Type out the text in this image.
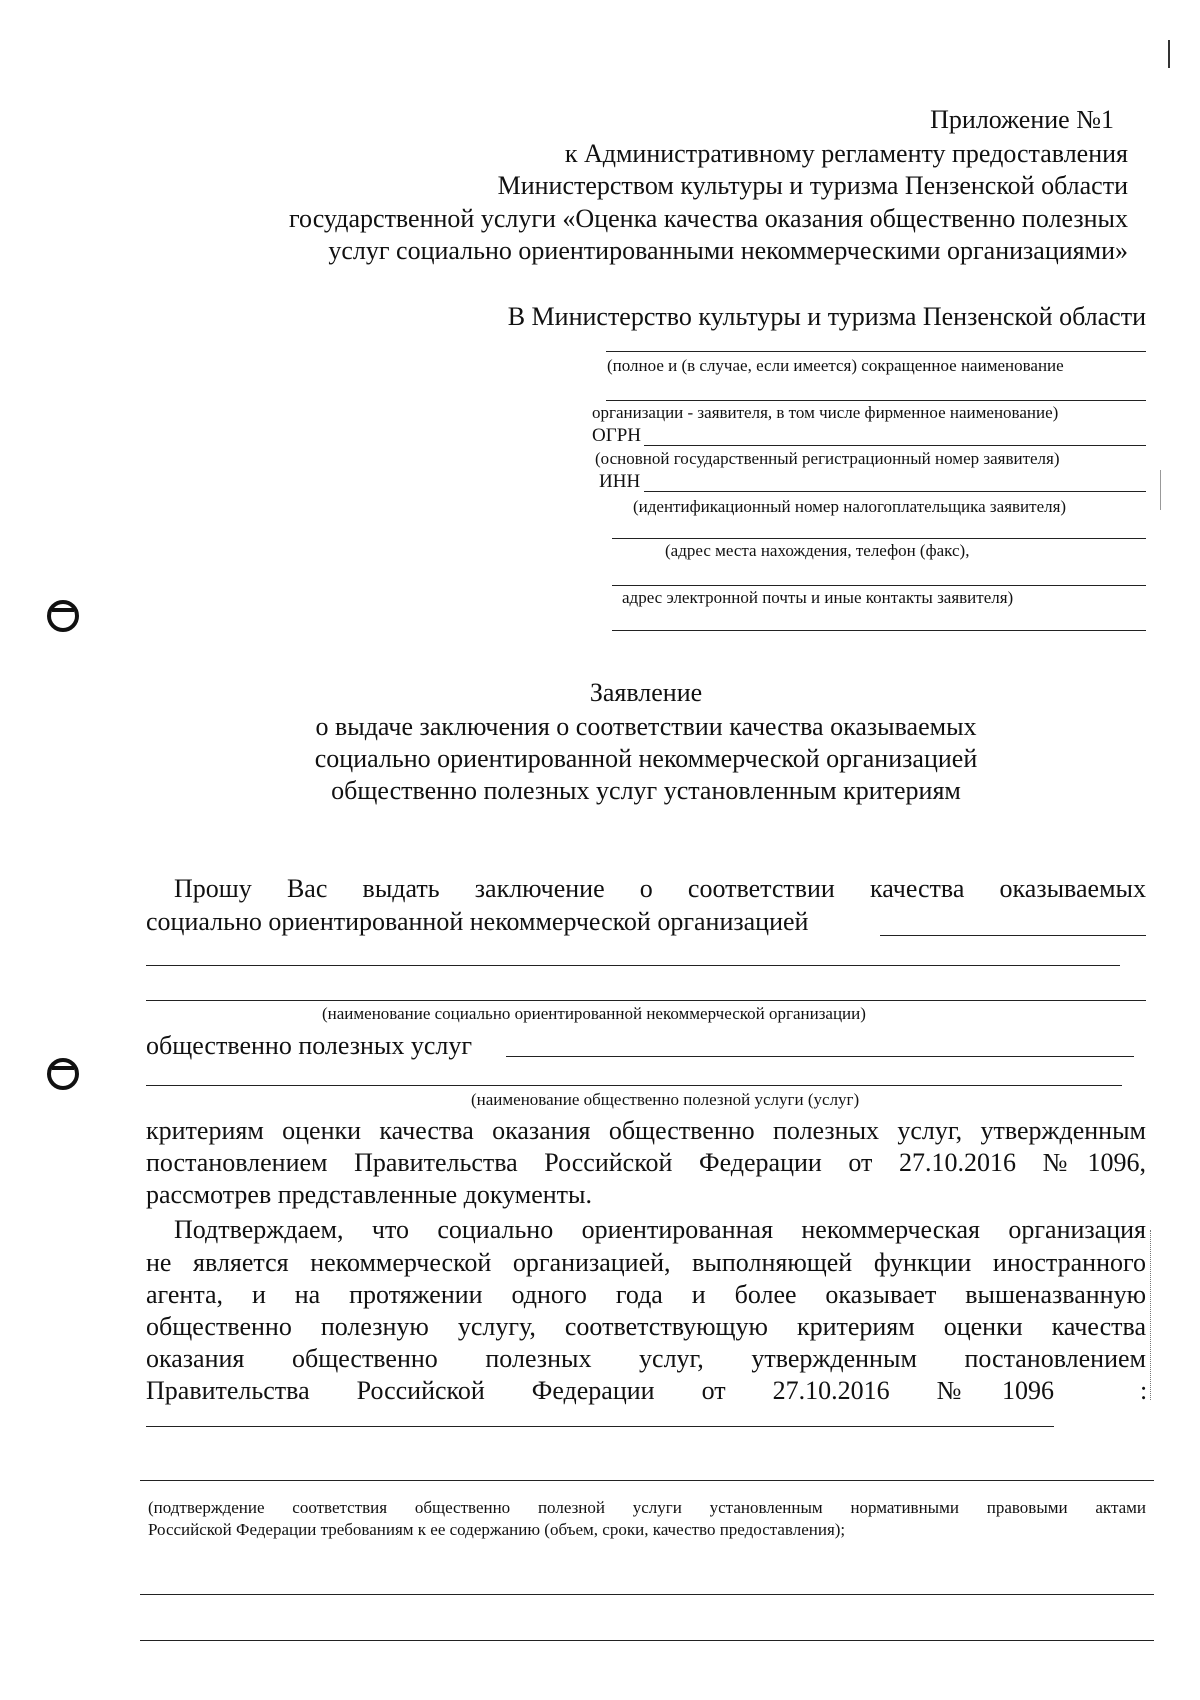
Приложение №1
к Административному регламенту предоставления
Министерством культуры и туризма Пензенской области
государственной услуги «Оценка качества оказания общественно полезных
услуг социально ориентированными некоммерческими организациями»
В Министерство культуры и туризма Пензенской области
(полное и (в случае, если имеется) сокращенное наименование
организации - заявителя, в том числе фирменное наименование)
ОГРН
(основной государственный регистрационный номер заявителя)
ИНН
(идентификационный номер налогоплательщика заявителя)
(адрес места нахождения, телефон (факс),
адрес электронной почты и иные контакты заявителя)
Заявление
о выдаче заключения о соответствии качества оказываемых
социально ориентированной некоммерческой организацией
общественно полезных услуг установленным критериям
Прошу Вас выдать заключение о соответствии качества оказываемых
социально ориентированной некоммерческой организацией
(наименование социально ориентированной некоммерческой организации)
общественно полезных услуг
(наименование общественно полезной услуги (услуг)
критериям оценки качества оказания общественно полезных услуг, утвержденным
постановлением Правительства Российской Федерации от 27.10.2016 №1096,
рассмотрев представленные документы.
Подтверждаем, что социально ориентированная некоммерческая организация
не является некоммерческой организацией, выполняющей функции иностранного
агента, и на протяжении одного года и более оказывает вышеназванную
общественно полезную услугу, соответствующую критериям оценки качества
оказания общественно полезных услуг, утвержденным постановлением
Правительства Российской Федерации от 27.10.2016 №1096	:
(подтверждение соответствия общественно полезной услуги установленным нормативными правовыми актами
Российской Федерации требованиям к ее содержанию (объем, сроки, качество предоставления);
